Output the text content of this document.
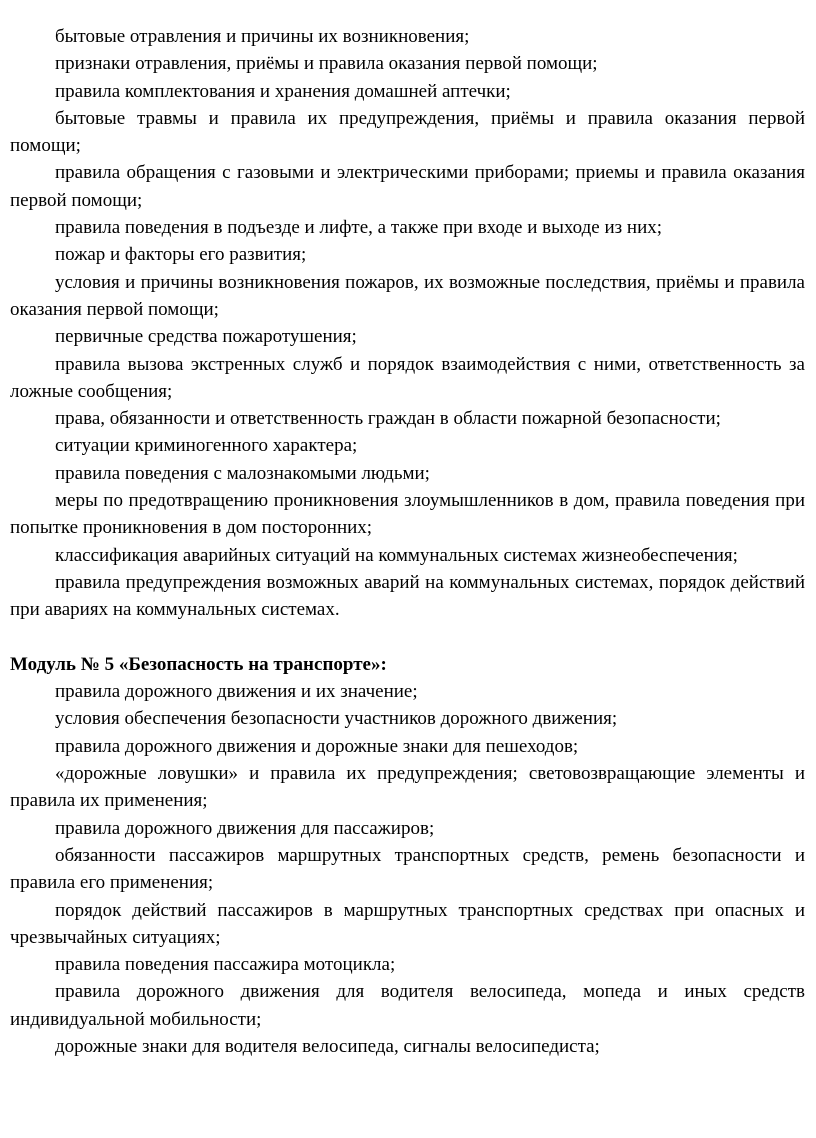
бытовые отравления и причины их возникновения;

признаки отравления, приёмы и правила оказания первой помощи;

правила комплектования и хранения домашней аптечки;

бытовые травмы и правила их предупреждения, приёмы и правила оказания первой помощи;

правила обращения с газовыми и электрическими приборами; приемы и правила оказания первой помощи;

правила поведения в подъезде и лифте, а также при входе и выходе из них;

пожар и факторы его развития;

условия и причины возникновения пожаров, их возможные последствия, приёмы и правила оказания первой помощи;

первичные средства пожаротушения;

правила вызова экстренных служб и порядок взаимодействия с ними, ответственность за ложные сообщения;

права, обязанности и ответственность граждан в области пожарной безопасности;

ситуации криминогенного характера;

правила поведения с малознакомыми людьми;

меры по предотвращению проникновения злоумышленников в дом, правила поведения при попытке проникновения в дом посторонних;

классификация аварийных ситуаций на коммунальных системах жизнеобеспечения;

правила предупреждения возможных аварий на коммунальных системах, порядок действий при авариях на коммунальных системах.

Модуль № 5 «Безопасность на транспорте»:

правила дорожного движения и их значение;

условия обеспечения безопасности участников дорожного движения;

правила дорожного движения и дорожные знаки для пешеходов;

«дорожные ловушки» и правила их предупреждения; световозвращающие элементы и правила их применения;

правила дорожного движения для пассажиров;

обязанности пассажиров маршрутных транспортных средств, ремень безопасности и правила его применения;

порядок действий пассажиров в маршрутных транспортных средствах при опасных и чрезвычайных ситуациях;

правила поведения пассажира мотоцикла;

правила дорожного движения для водителя велосипеда, мопеда и иных средств индивидуальной мобильности;

дорожные знаки для водителя велосипеда, сигналы велосипедиста;
